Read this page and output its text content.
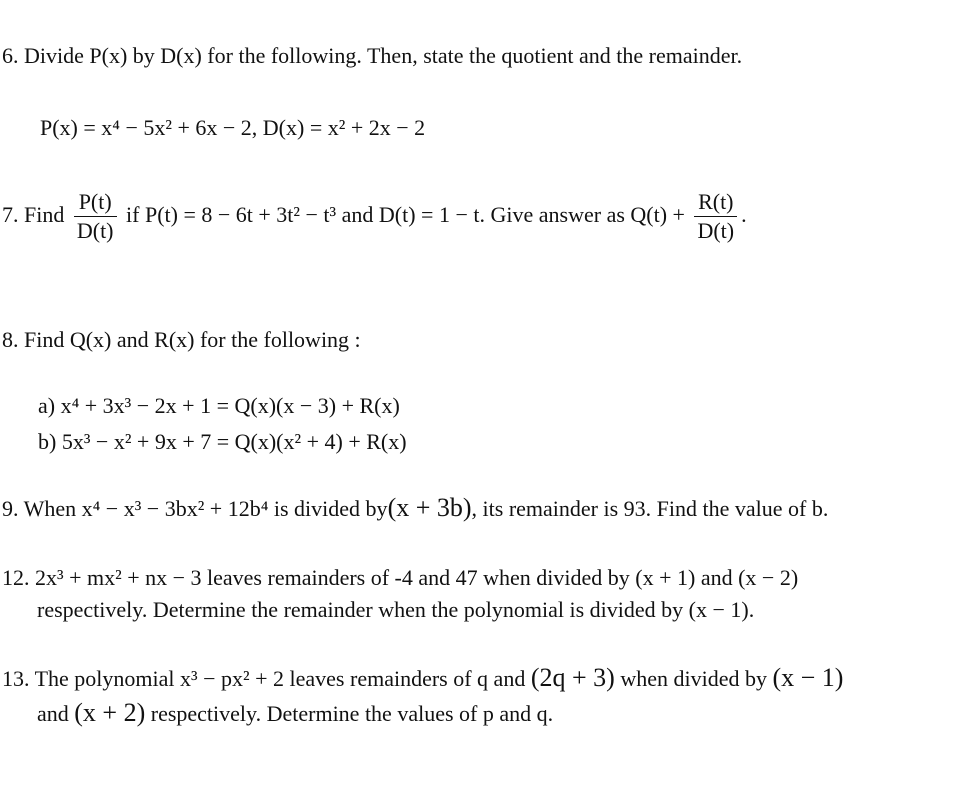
6. Divide P(x) by D(x) for the following. Then, state the quotient and the remainder.
P(x) = x⁴ − 5x² + 6x − 2, D(x) = x² + 2x − 2
7. Find $\frac{P(t)}{D(t)}$ if P(t) = 8 − 6t + 3t² − t³ and D(t) = 1 − t. Give answer as $Q(t) + \frac{R(t)}{D(t)}$ .
8. Find Q(x) and R(x) for the following :
a) x⁴ + 3x³ − 2x + 1 = Q(x)(x − 3) + R(x)
b) 5x³ − x² + 9x + 7 = Q(x)(x² + 4) + R(x)
9. When x⁴ − x³ − 3bx² + 12b⁴ is divided by(x + 3b), its remainder is 93. Find the value of b.
12. 2x³ + mx² + nx − 3 leaves remainders of -4 and 47 when divided by (x + 1) and (x − 2)
respectively. Determine the remainder when the polynomial is divided by (x − 1).
13. The polynomial x³ − px² + 2 leaves remainders of q and (2q + 3) when divided by (x − 1)
and (x + 2) respectively. Determine the values of p and q.
